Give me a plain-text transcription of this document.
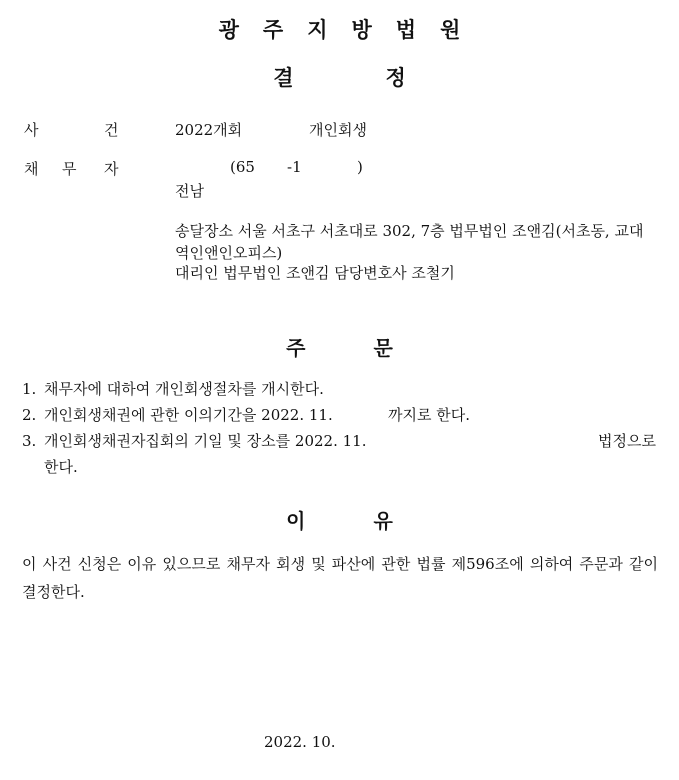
광주지방법원
결	정
사	건	2022개회	개인회생
채 무 자	(65 -1	)
전남
송달장소 서울 서초구 서초대로 302, 7층 법무법인 조앤김(서초동, 교대역인앤인오피스)
대리인 법무법인 조앤김 담당변호사 조철기
주	문
1. 채무자에 대하여 개인회생절차를 개시한다.
2. 개인회생채권에 관한 이의기간을 2022. 11.	까지로 한다.
3. 개인회생채권자집회의 기일 및 장소를 2022. 11.	법정으로
한다.
이	유
이 사건 신청은 이유 있으므로 채무자 회생 및 파산에 관한 법률 제596조에 의하여 주문과 같이 결정한다.
2022. 10.
